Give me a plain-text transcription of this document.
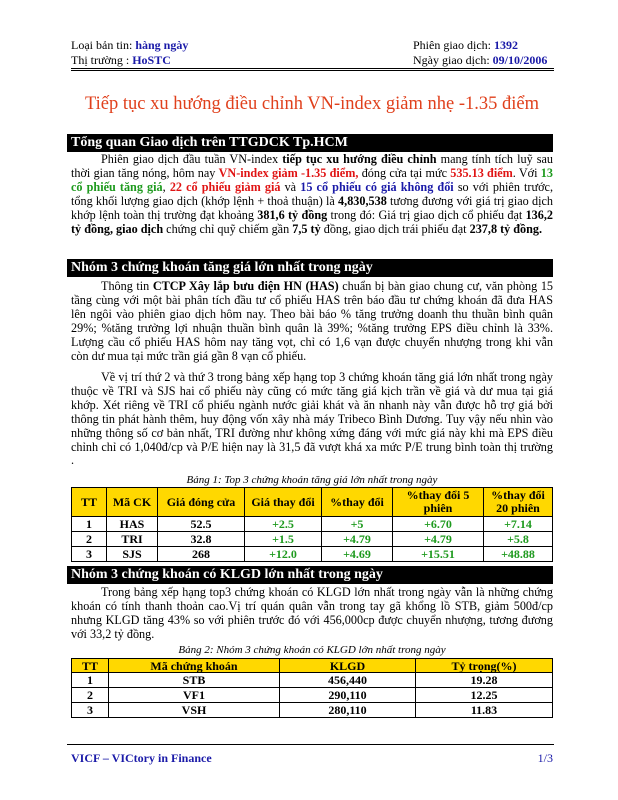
Loại bản tin: hàng ngày	Phiên giao dịch: 1392
Thị trường : HoSTC	Ngày giao dịch: 09/10/2006
Tiếp tục xu hướng điều chỉnh VN-index giảm nhẹ -1.35 điểm
Tổng quan Giao dịch trên TTGDCK Tp.HCM
Phiên giao dịch đầu tuần VN-index tiếp tục xu hướng điều chỉnh mang tính tích luỹ sau thời gian tăng nóng, hôm nay VN-index giảm -1.35 điểm, đóng cửa tại mức 535.13 điểm. Với 13 cổ phiếu tăng giá, 22 cổ phiếu giảm giá và 15 cổ phiếu có giá không đổi so với phiên trước, tổng khối lượng giao dịch (khớp lệnh + thoả thuận) là 4,830,538 tương đương với giá trị giao dịch khớp lệnh toàn thị trường đạt khoảng 381,6 tỷ đồng trong đó: Giá trị giao dịch cổ phiếu đạt 136,2 tỷ đồng, giao dịch chứng chỉ quỹ chiếm gần 7,5 tỷ đồng, giao dịch trái phiếu đạt 237,8 tỷ đồng.
Nhóm 3 chứng khoán tăng giá lớn nhất trong ngày
Thông tin CTCP Xây lắp bưu điện HN (HAS) chuẩn bị bàn giao chung cư, văn phòng 15 tầng cùng với một bài phân tích đầu tư cổ phiếu HAS trên báo đầu tư chứng khoán đã đưa HAS lên ngôi vào phiên giao dịch hôm nay. Theo bài báo % tăng trưởng doanh thu thuần bình quân 29%; %tăng trưởng lợi nhuận thuần bình quân là 39%; %tăng trưởng EPS điều chỉnh là 33%. Lượng cầu cổ phiếu HAS hôm nay tăng vọt, chỉ có 1,6 vạn được chuyển nhượng trong khi vẫn còn dư mua tại mức trần giá gần 8 vạn cổ phiếu.
Về vị trí thứ 2 và thứ 3 trong bảng xếp hạng top 3 chứng khoán tăng giá lớn nhất trong ngày thuộc về TRI và SJS hai cổ phiếu này cũng có mức tăng giá kịch trần về giá và dư mua tại giá khớp. Xét riêng về TRI cổ phiếu ngành nước giải khát và ăn nhanh này vẫn được hỗ trợ giá bởi thông tin phát hành thêm, huy động vốn xây nhà máy Tribeco Bình Dương. Tuy vậy nếu nhìn vào những thông số cơ bản nhất, TRI đường như không xứng đáng với mức giá này khi mà EPS điều chỉnh chỉ có 1,040đ/cp và P/E hiện nay là 31,5 đã vượt khá xa mức P/E trung bình toàn thị trường .
Bảng 1: Top 3 chứng khoán tăng giá lớn nhất trong ngày
TT	Mã CK	Giá đóng cửa	Giá thay đổi	%thay đổi	%thay đổi 5 phiên	%thay đổi 20 phiên
1	HAS	52.5	+2.5	+5	+6.70	+7.14
2	TRI	32.8	+1.5	+4.79	+4.79	+5.8
3	SJS	268	+12.0	+4.69	+15.51	+48.88
Nhóm 3 chứng khoán có KLGD lớn nhất trong ngày
Trong bảng xếp hạng top3 chứng khoán có KLGD lớn nhất trong ngày vẫn là những chứng khoán có tính thanh thoản cao.Vị trí quán quân vẫn trong tay gã khổng lồ STB, giảm 500đ/cp nhưng KLGD tăng 43% so với phiên trước đó với 456,000cp được chuyển nhượng, tương đương với 33,2 tỷ đồng.
Bảng 2: Nhóm 3 chứng khoán có KLGD lớn nhất trong ngày
TT	Mã chứng khoán	KLGD	Tỷ trọng(%)
1	STB	456,440	19.28
2	VF1	290,110	12.25
3	VSH	280,110	11.83
VICF – VICtory in Finance	1/3
